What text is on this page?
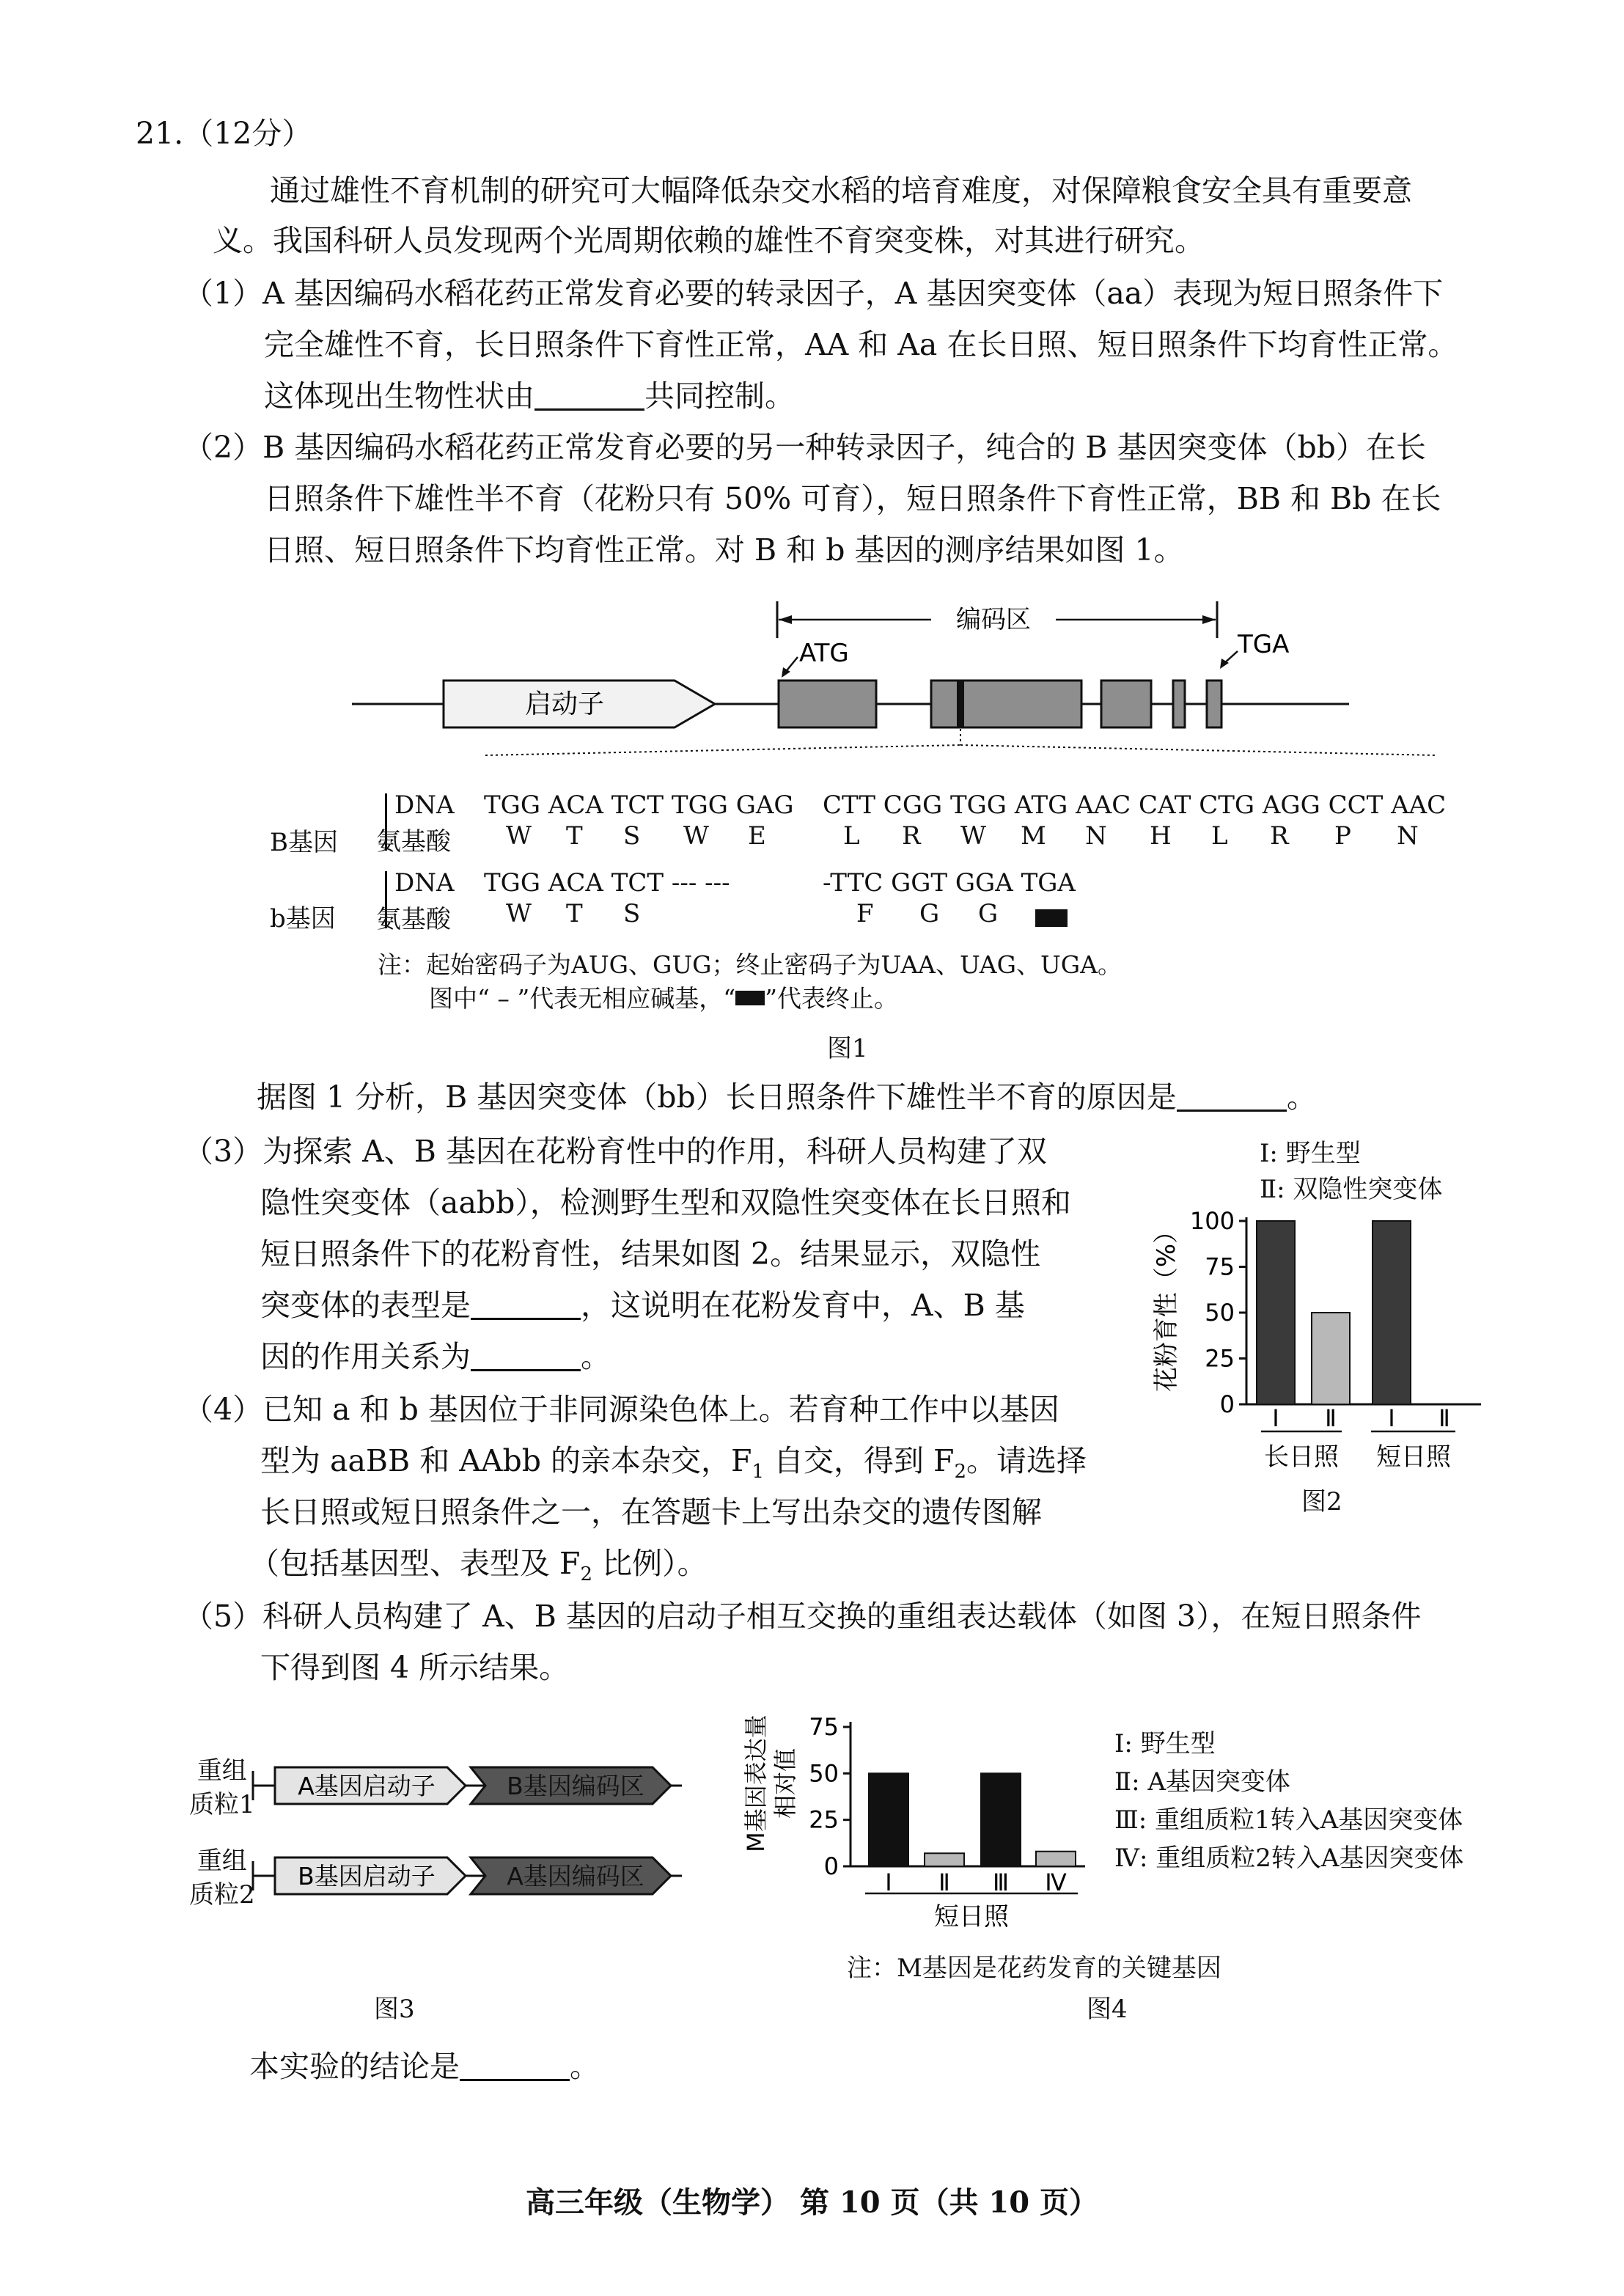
21.（12分）
通过雄性不育机制的研究可大幅降低杂交水稻的培育难度，对保障粮食安全具有重要意
义。我国科研人员发现两个光周期依赖的雄性不育突变株，对其进行研究。
（1）A 基因编码水稻花药正常发育必要的转录因子，A 基因突变体（aa）表现为短日照条件下
完全雄性不育，长日照条件下育性正常，AA 和 Aa 在长日照、短日照条件下均育性正常。
这体现出生物性状由	共同控制。
（2）B 基因编码水稻花药正常发育必要的另一种转录因子，纯合的 B 基因突变体（bb）在长
日照条件下雄性半不育（花粉只有 50% 可育），短日照条件下育性正常，BB 和 Bb 在长
日照、短日照条件下均育性正常。对 B 和 b 基因的测序结果如图 1。
编码区
ATG	TGA
启动子
B基因
DNA
氨基酸
TGG ACA TCT TGG GAG CTT CGG TGG ATG AAC CAT CTG AGG CCT AAC
W T S W E	L R W M N H L R P N
b基因
DNA
氨基酸
TGG ACA TCT --- ---	-TTC GGT GGA TGA
W T S	F G G
注：起始密码子为AUG、GUG；终止密码子为UAA、UAG、UGA。
图中“ – ”代表无相应碱基，“ ”代表终止。
图1
据图 1 分析，B 基因突变体（bb）长日照条件下雄性半不育的原因是	。
（3）为探索 A、B 基因在花粉育性中的作用，科研人员构建了双
隐性突变体（aabb），检测野生型和双隐性突变体在长日照和
短日照条件下的花粉育性，结果如图 2。结果显示，双隐性
突变体的表型是	，这说明在花粉发育中，A、B 基
因的作用关系为	。
Ⅰ: 野生型
Ⅱ: 双隐性突变体
花粉育性（%）
0
25
50
75
100
Ⅰ Ⅱ Ⅰ Ⅱ
长日照 短日照
图2
（4）已知 a 和 b 基因位于非同源染色体上。若育种工作中以基因
型为 aaBB 和 AAbb 的亲本杂交，$F_1$ 自交，得到 $F_2$。请选择
长日照或短日照条件之一，在答题卡上写出杂交的遗传图解
（包括基因型、表型及 $F_2$ 比例）。
（5）科研人员构建了 A、B 基因的启动子相互交换的重组表达载体（如图 3），在短日照条件
下得到图 4 所示结果。
重组
质粒1
重组
质粒2
A基因启动子	B基因编码区
B基因启动子	A基因编码区
图3
M基因表达量 相对值
0
25
50
75
Ⅰ Ⅱ Ⅲ Ⅳ
短日照
Ⅰ: 野生型
Ⅱ: A基因突变体
Ⅲ: 重组质粒1转入A基因突变体
Ⅳ: 重组质粒2转入A基因突变体
注：M基因是花药发育的关键基因
图4
本实验的结论是	。
高三年级（生物学） 第 10 页（共 10 页）
